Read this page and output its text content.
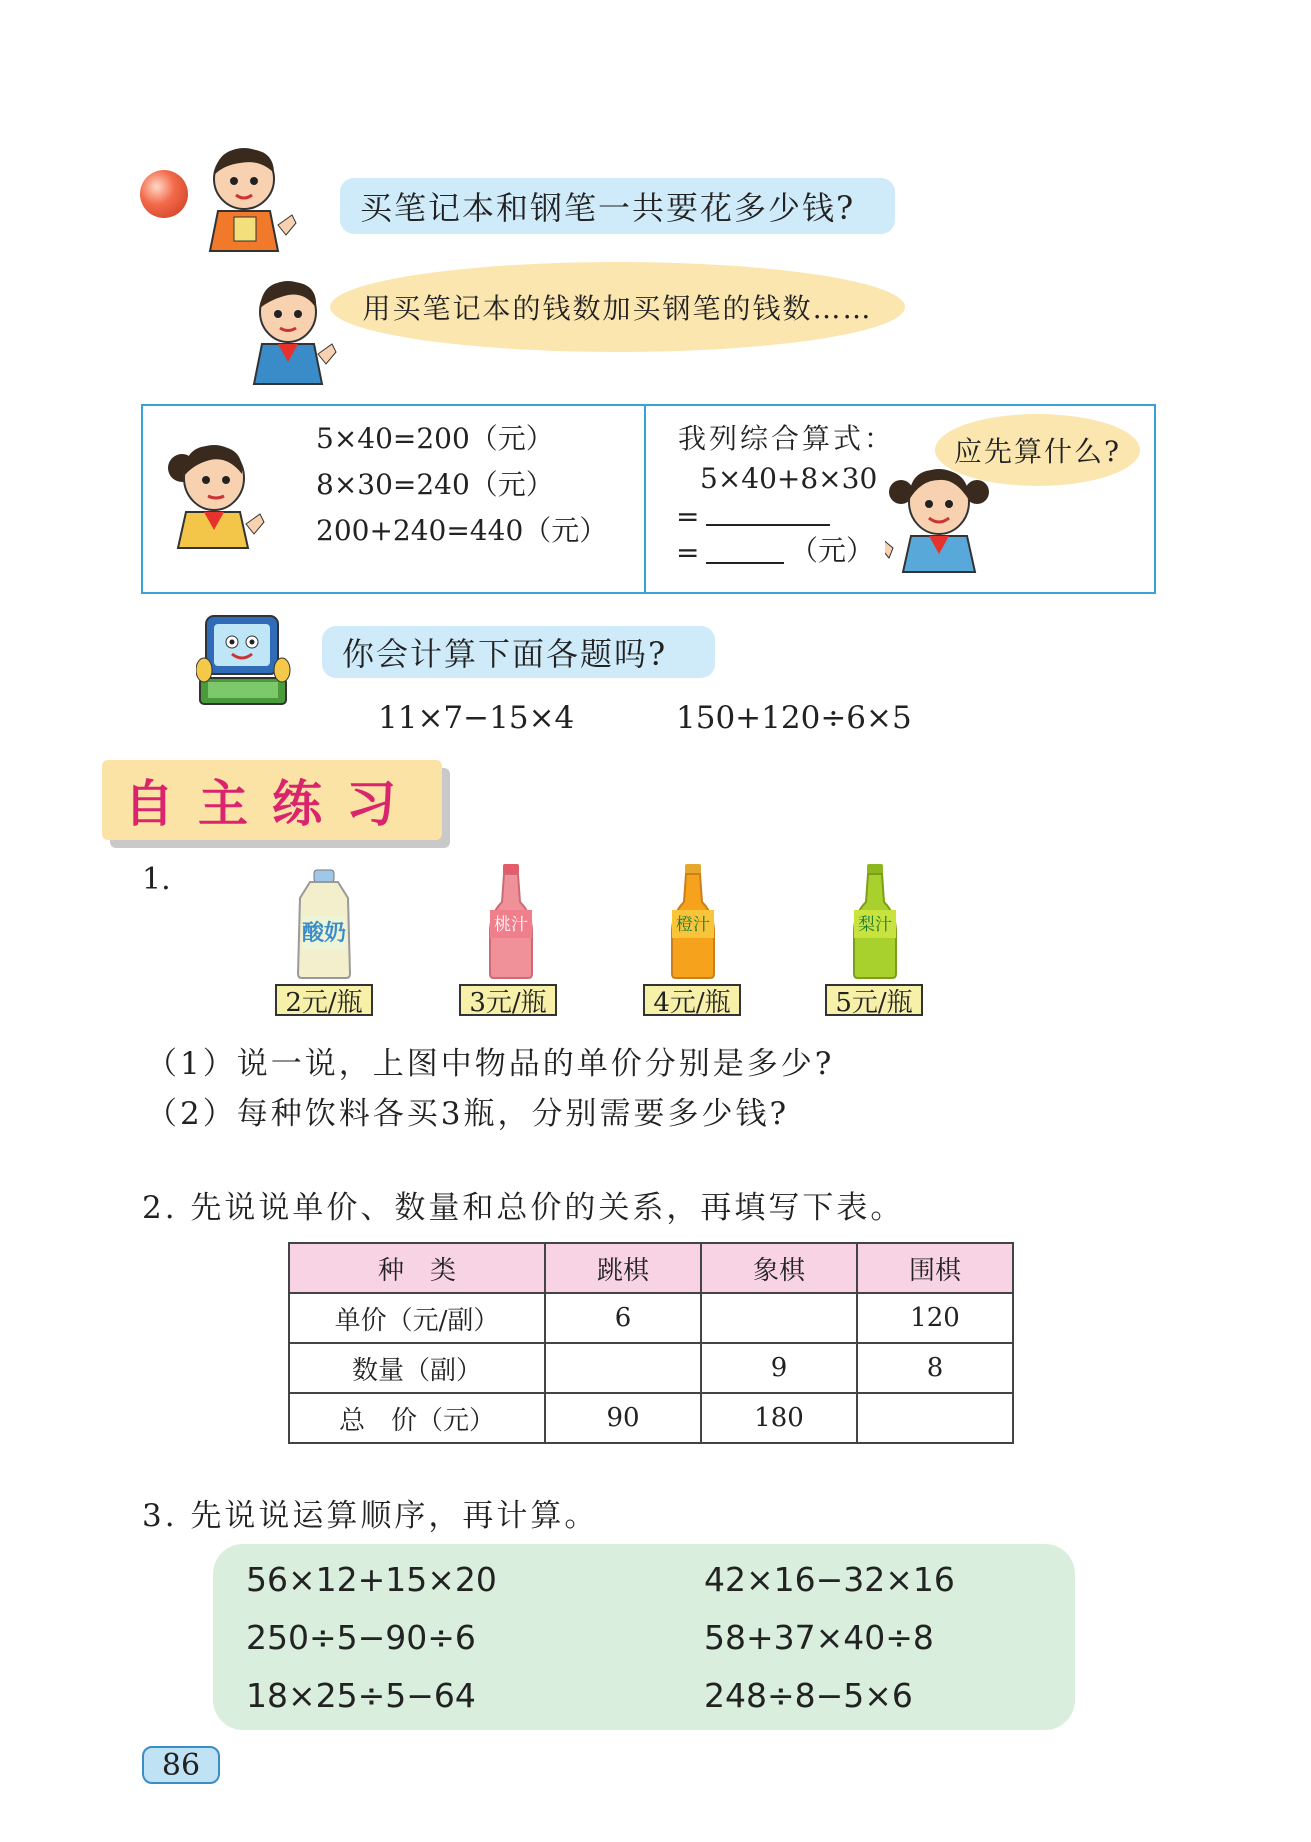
买笔记本和钢笔一共要花多少钱?
用买笔记本的钱数加买钢笔的钱数……
5×40=200（元）
8×30=240（元）
200+240=440（元）
我列综合算式：
5×40+8×30
=
=	（元）
应先算什么?
你会计算下面各题吗?
11×7−15×4	150+120÷6×5
自主练习
1.
酸奶	桃汁	橙汁	梨汁
2元/瓶	3元/瓶	4元/瓶	5元/瓶
（1）说一说，上图中物品的单价分别是多少?
（2）每种饮料各买3瓶，分别需要多少钱?
2. 先说说单价、数量和总价的关系，再填写下表。
种　类	跳棋	象棋	围棋
单价（元/副）	6		120
数量（副）		9	8
总　价（元）	90	180	
3. 先说说运算顺序，再计算。
56×12+15×20
250÷5−90÷6
18×25÷5−64
42×16−32×16
58+37×40÷8
248÷8−5×6
86
